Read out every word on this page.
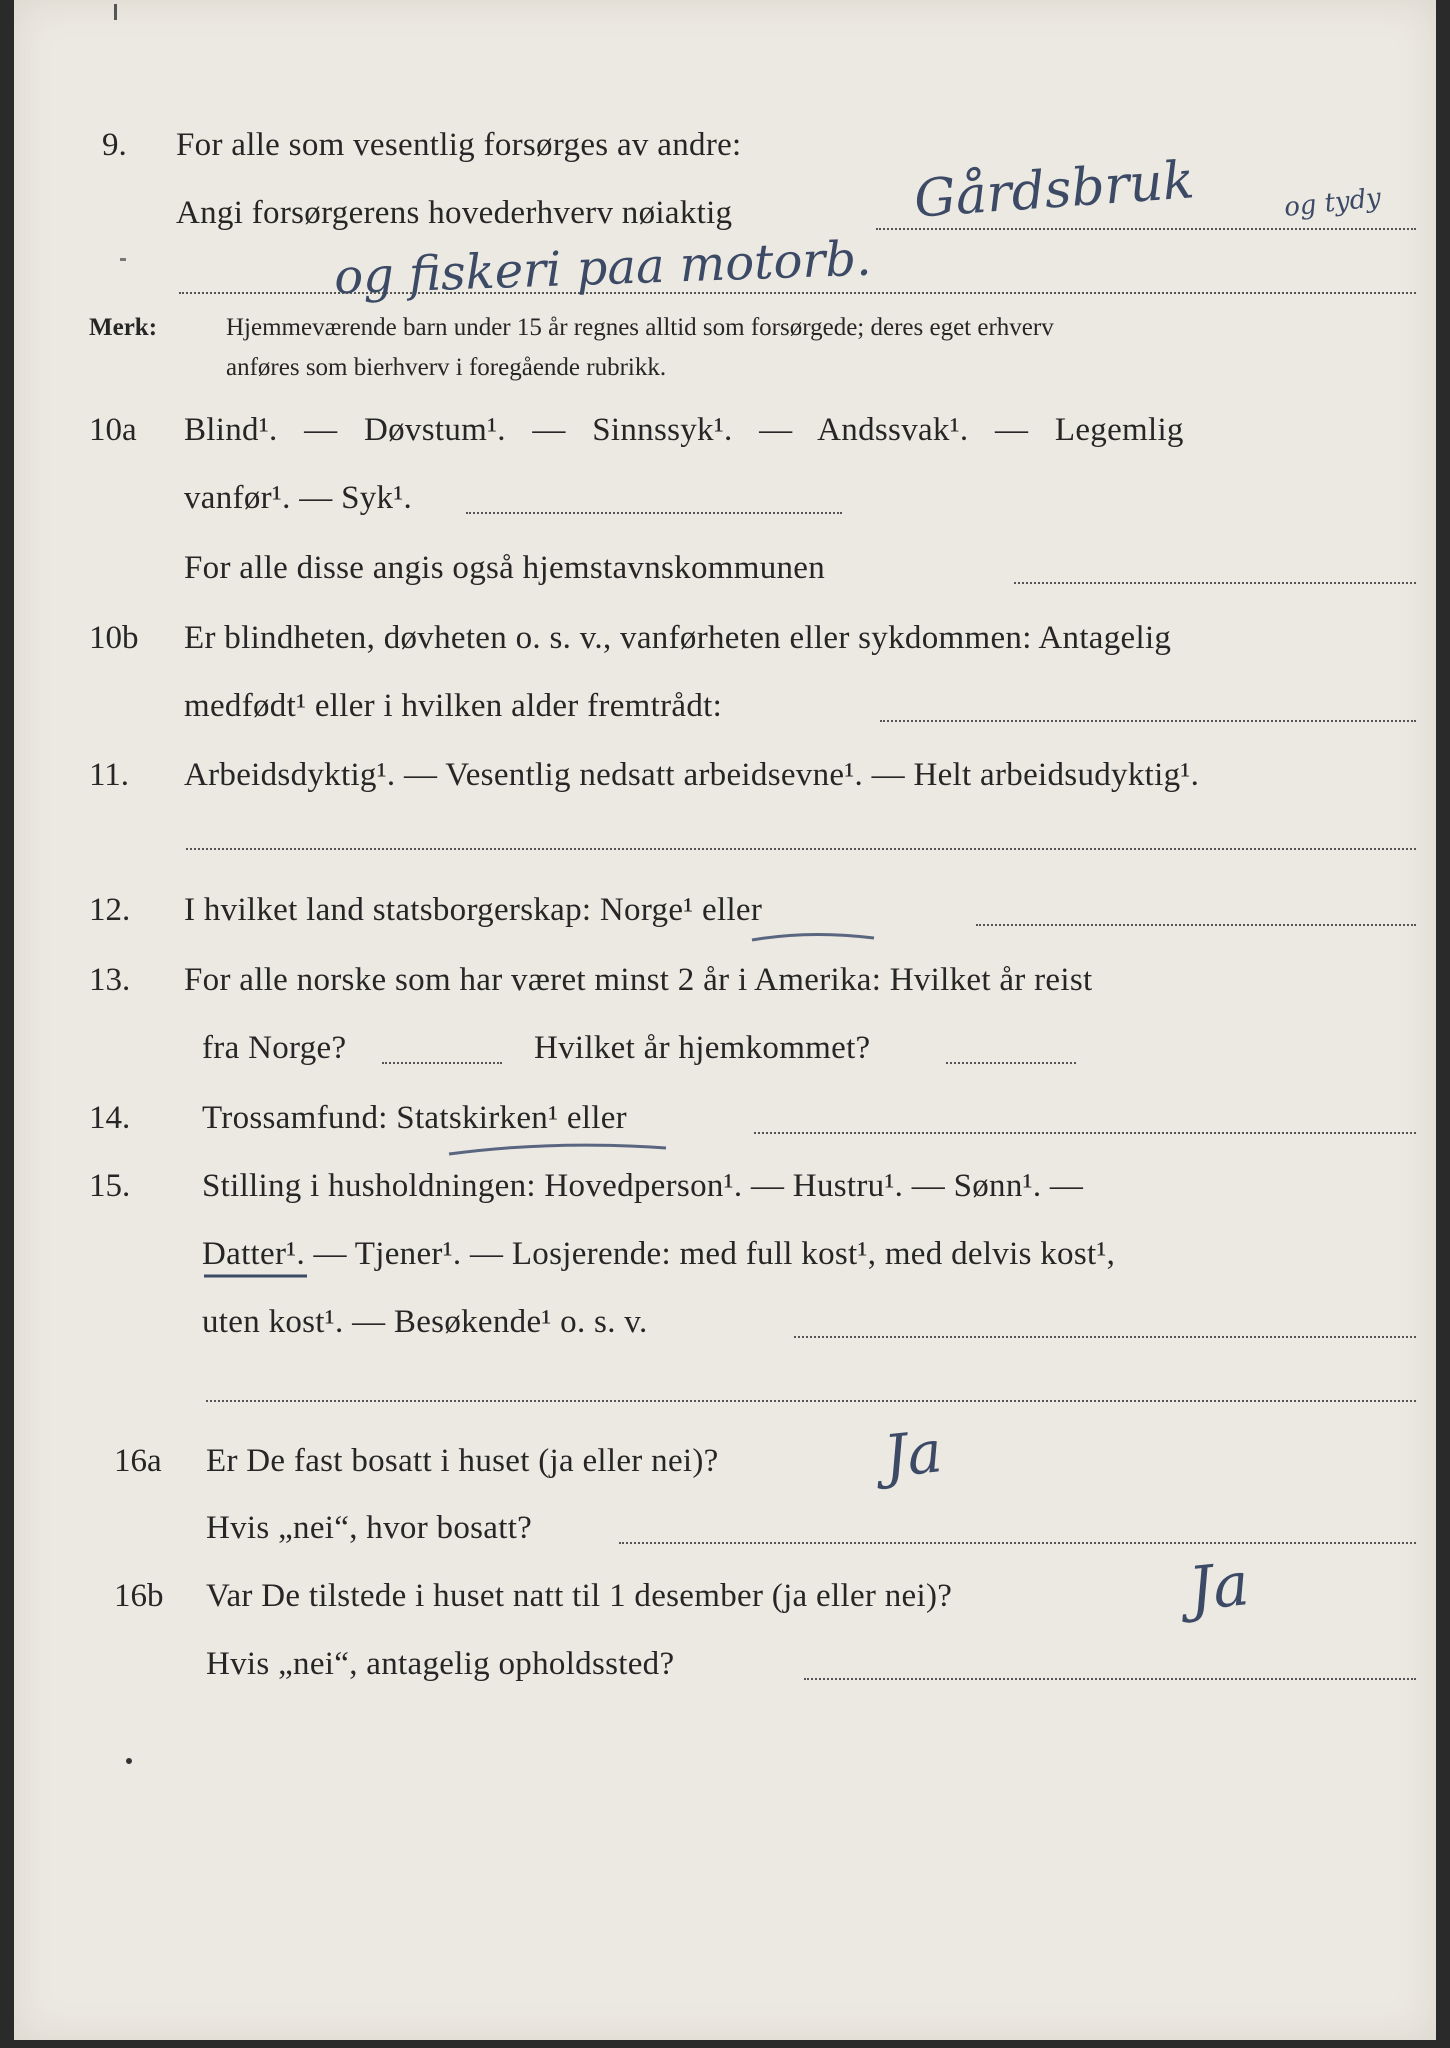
9. For alle som vesentlig forsørges av andre:
Angi forsørgerens hovederhverv nøiaktig	Gårdsbruk	og tydy
og fiskeri paa motorb.
Merk:	Hjemmeværende barn under 15 år regnes alltid som forsørgede; deres eget erhverv
anføres som bierhverv i foregående rubrikk.
10a Blind¹. — Døvstum¹. — Sinnssyk¹. — Andssvak¹. — Legemlig
vanfør¹. — Syk¹.
For alle disse angis også hjemstavnskommunen
10b Er blindheten, døvheten o. s. v., vanførheten eller sykdommen: Antagelig
medfødt¹ eller i hvilken alder fremtrådt:
11. Arbeidsdyktig¹. — Vesentlig nedsatt arbeidsevne¹. — Helt arbeidsudyktig¹.
12. I hvilket land statsborgerskap: Norge¹ eller
13. For alle norske som har været minst 2 år i Amerika: Hvilket år reist
fra Norge?	Hvilket år hjemkommet?
14. Trossamfund: Statskirken¹ eller
15. Stilling i husholdningen: Hovedperson¹. — Hustru¹. — Sønn¹. —
Datter¹. — Tjener¹. — Losjerende: med full kost¹, med delvis kost¹,
uten kost¹. — Besøkende¹ o. s. v.
16a Er De fast bosatt i huset (ja eller nei)?	Ja
Hvis „nei“, hvor bosatt?
16b Var De tilstede i huset natt til 1 desember (ja eller nei)?	Ja
Hvis „nei“, antagelig opholdssted?
